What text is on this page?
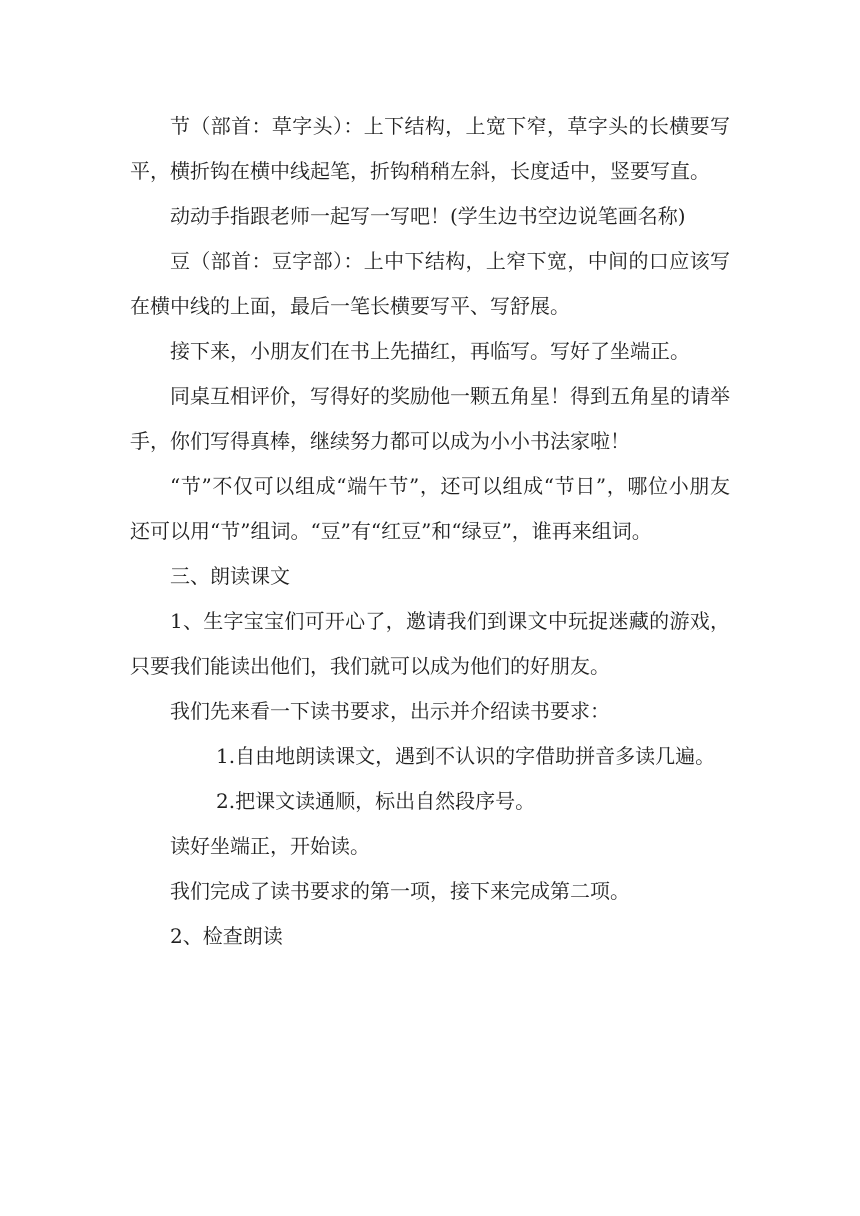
节（部首：草字头）：上下结构，上宽下窄，草字头的长横要写平，横折钩在横中线起笔，折钩稍稍左斜，长度适中，竖要写直。

动动手指跟老师一起写一写吧！(学生边书空边说笔画名称)

豆（部首：豆字部）：上中下结构，上窄下宽，中间的口应该写在横中线的上面，最后一笔长横要写平、写舒展。

接下来，小朋友们在书上先描红，再临写。写好了坐端正。

同桌互相评价，写得好的奖励他一颗五角星！得到五角星的请举手，你们写得真棒，继续努力都可以成为小小书法家啦！

“节”不仅可以组成“端午节”，还可以组成“节日”，哪位小朋友还可以用“节”组词。“豆”有“红豆”和“绿豆”，谁再来组词。

三、朗读课文

1、生字宝宝们可开心了，邀请我们到课文中玩捉迷藏的游戏，只要我们能读出他们，我们就可以成为他们的好朋友。

我们先来看一下读书要求，出示并介绍读书要求：

1.自由地朗读课文，遇到不认识的字借助拼音多读几遍。

2.把课文读通顺，标出自然段序号。

读好坐端正，开始读。

我们完成了读书要求的第一项，接下来完成第二项。

2、检查朗读
